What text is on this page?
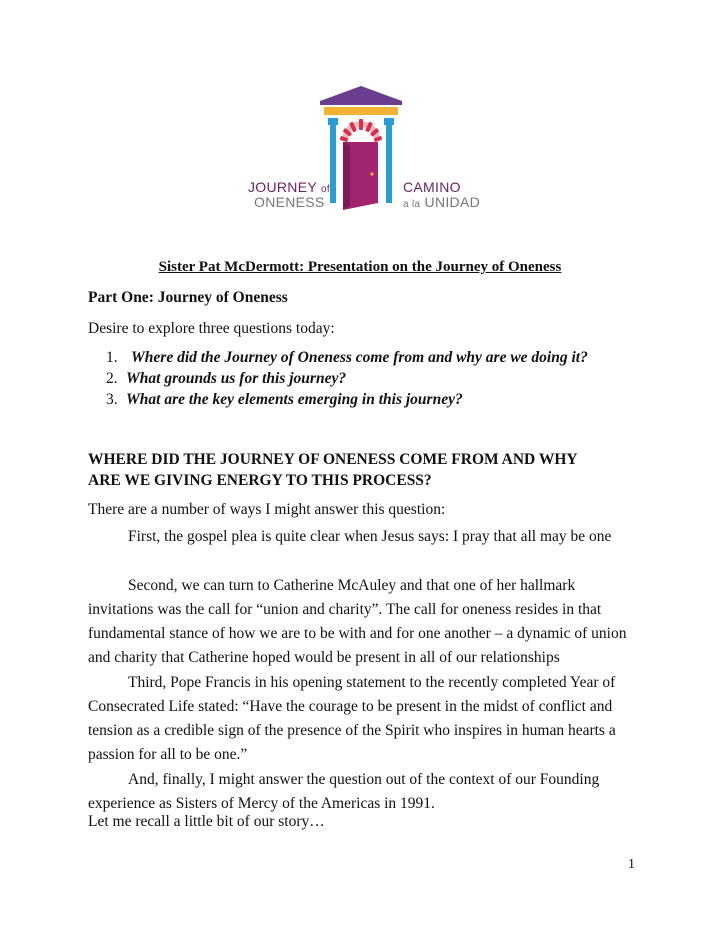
JOURNEY of
ONENESS
CAMINO
a la UNIDAD
Sister Pat McDermott: Presentation on the Journey of Oneness
Part One: Journey of Oneness
Desire to explore three questions today:
1. Where did the Journey of Oneness come from and why are we doing it?
2. What grounds us for this journey?
3. What are the key elements emerging in this journey?
WHERE DID THE JOURNEY OF ONENESS COME FROM AND WHY
ARE WE GIVING ENERGY TO THIS PROCESS?
There are a number of ways I might answer this question:
First, the gospel plea is quite clear when Jesus says: I pray that all may be one
Second, we can turn to Catherine McAuley and that one of her hallmark invitations was the call for “union and charity”. The call for oneness resides in that fundamental stance of how we are to be with and for one another – a dynamic of union and charity that Catherine hoped would be present in all of our relationships
Third, Pope Francis in his opening statement to the recently completed Year of Consecrated Life stated: “Have the courage to be present in the midst of conflict and tension as a credible sign of the presence of the Spirit who inspires in human hearts a passion for all to be one.”
And, finally, I might answer the question out of the context of our Founding experience as Sisters of Mercy of the Americas in 1991.
Let me recall a little bit of our story…
1
